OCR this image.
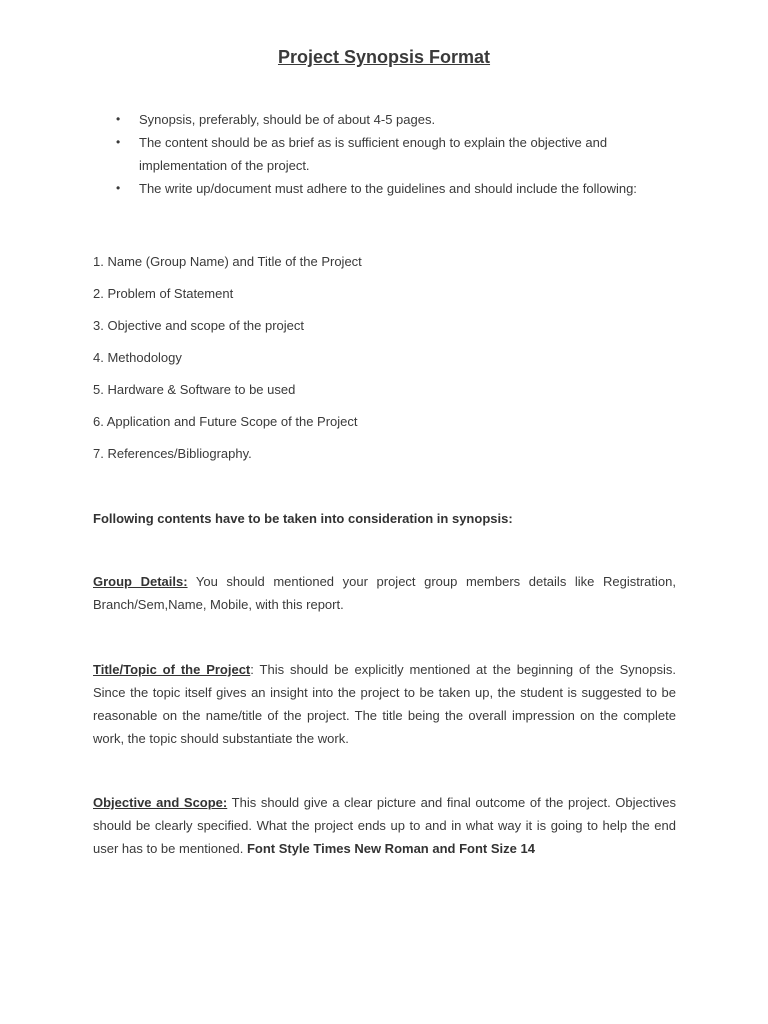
Project Synopsis Format
• Synopsis, preferably, should be of about 4-5 pages.
• The content should be as brief as is sufficient enough to explain the objective and implementation of the project.
• The write up/document must adhere to the guidelines and should include the following:
1. Name (Group Name) and Title of the Project
2. Problem of Statement
3. Objective and scope of the project
4. Methodology
5. Hardware & Software to be used
6. Application and Future Scope of the Project
7. References/Bibliography.

Following contents have to be taken into consideration in synopsis:

Group Details: You should mentioned your project group members details like Registration, Branch/Sem,Name, Mobile, with this report.

Title/Topic of the Project: This should be explicitly mentioned at the beginning of the Synopsis. Since the topic itself gives an insight into the project to be taken up, the student is suggested to be reasonable on the name/title of the project. The title being the overall impression on the complete work, the topic should substantiate the work.

Objective and Scope: This should give a clear picture and final outcome of the project. Objectives should be clearly specified. What the project ends up to and in what way it is going to help the end user has to be mentioned. Font Style Times New Roman and Font Size 14
